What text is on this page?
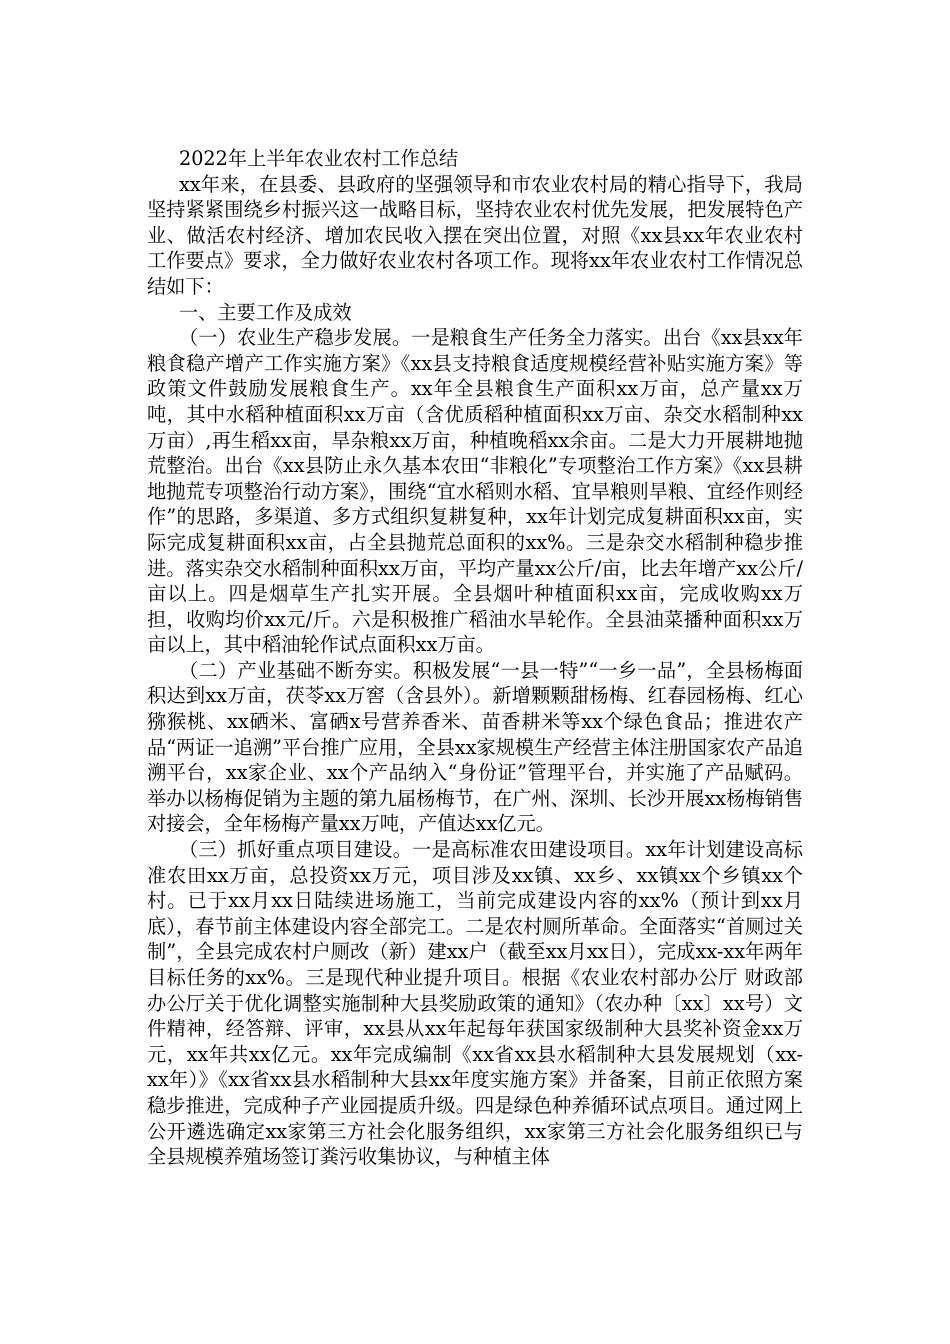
2022年上半年农业农村工作总结

xx年来，在县委、县政府的坚强领导和市农业农村局的精心指导下，我局坚持紧紧围绕乡村振兴这一战略目标，坚持农业农村优先发展，把发展特色产业、做活农村经济、增加农民收入摆在突出位置，对照《xx县xx年农业农村工作要点》要求，全力做好农业农村各项工作。现将xx年农业农村工作情况总结如下：

一、主要工作及成效

（一）农业生产稳步发展。一是粮食生产任务全力落实。出台《xx县xx年粮食稳产增产工作实施方案》《xx县支持粮食适度规模经营补贴实施方案》等政策文件鼓励发展粮食生产。xx年全县粮食生产面积xx万亩，总产量xx万吨，其中水稻种植面积xx万亩（含优质稻种植面积xx万亩、杂交水稻制种xx万亩）,再生稻xx亩，旱杂粮xx万亩，种植晚稻xx余亩。二是大力开展耕地抛荒整治。出台《xx县防止永久基本农田“非粮化”专项整治工作方案》《xx县耕地抛荒专项整治行动方案》，围绕“宜水稻则水稻、宜旱粮则旱粮、宜经作则经作”的思路，多渠道、多方式组织复耕复种，xx年计划完成复耕面积xx亩，实际完成复耕面积xx亩，占全县抛荒总面积的xx%。三是杂交水稻制种稳步推进。落实杂交水稻制种面积xx万亩，平均产量xx公斤/亩，比去年增产xx公斤/亩以上。四是烟草生产扎实开展。全县烟叶种植面积xx亩，完成收购xx万担，收购均价xx元/斤。六是积极推广稻油水旱轮作。全县油菜播种面积xx万亩以上，其中稻油轮作试点面积xx万亩。

（二）产业基础不断夯实。积极发展“一县一特”“一乡一品”，全县杨梅面积达到xx万亩，茯苓xx万窖（含县外）。新增颗颗甜杨梅、红春园杨梅、红心猕猴桃、xx硒米、富硒x号营养香米、苗香耕米等xx个绿色食品；推进农产品“两证一追溯”平台推广应用，全县xx家规模生产经营主体注册国家农产品追溯平台，xx家企业、xx个产品纳入“身份证”管理平台，并实施了产品赋码。举办以杨梅促销为主题的第九届杨梅节，在广州、深圳、长沙开展xx杨梅销售对接会，全年杨梅产量xx万吨，产值达xx亿元。

（三）抓好重点项目建设。一是高标准农田建设项目。xx年计划建设高标准农田xx万亩，总投资xx万元，项目涉及xx镇、xx乡、xx镇xx个乡镇xx个村。已于xx月xx日陆续进场施工，当前完成建设内容的xx%（预计到xx月底），春节前主体建设内容全部完工。二是农村厕所革命。全面落实“首厕过关制”，全县完成农村户厕改（新）建xx户（截至xx月xx日），完成xx-xx年两年目标任务的xx%。三是现代种业提升项目。根据《农业农村部办公厅 财政部办公厅关于优化调整实施制种大县奖励政策的通知》（农办种〔xx〕xx号）文件精神，经答辩、评审，xx县从xx年起每年获国家级制种大县奖补资金xx万元，xx年共xx亿元。xx年完成编制《xx省xx县水稻制种大县发展规划（xx-xx年）》《xx省xx县水稻制种大县xx年度实施方案》并备案，目前正依照方案稳步推进，完成种子产业园提质升级。四是绿色种养循环试点项目。通过网上公开遴选确定xx家第三方社会化服务组织，xx家第三方社会化服务组织已与全县规模养殖场签订粪污收集协议，与种植主体
